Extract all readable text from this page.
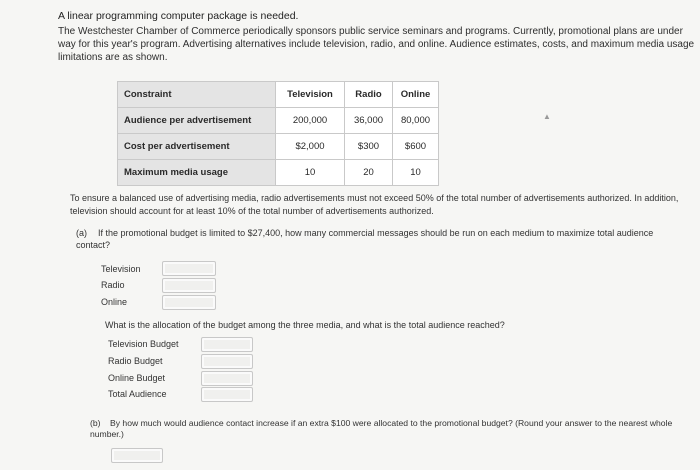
A linear programming computer package is needed.
The Westchester Chamber of Commerce periodically sponsors public service seminars and programs. Currently, promotional plans are under way for this year's program. Advertising alternatives include television, radio, and online. Audience estimates, costs, and maximum media usage limitations are as shown.
Constraint	Television	Radio	Online
Audience per advertisement	200,000	36,000	80,000
Cost per advertisement	$2,000	$300	$600
Maximum media usage	10	20	10
▲
To ensure a balanced use of advertising media, radio advertisements must not exceed 50% of the total number of advertisements authorized. In addition, television should account for at least 10% of the total number of advertisements authorized.
(a) If the promotional budget is limited to $27,400, how many commercial messages should be run on each medium to maximize total audience contact?
Television
Radio
Online
What is the allocation of the budget among the three media, and what is the total audience reached?
Television Budget
Radio Budget
Online Budget
Total Audience
(b) By how much would audience contact increase if an extra $100 were allocated to the promotional budget? (Round your answer to the nearest whole number.)
